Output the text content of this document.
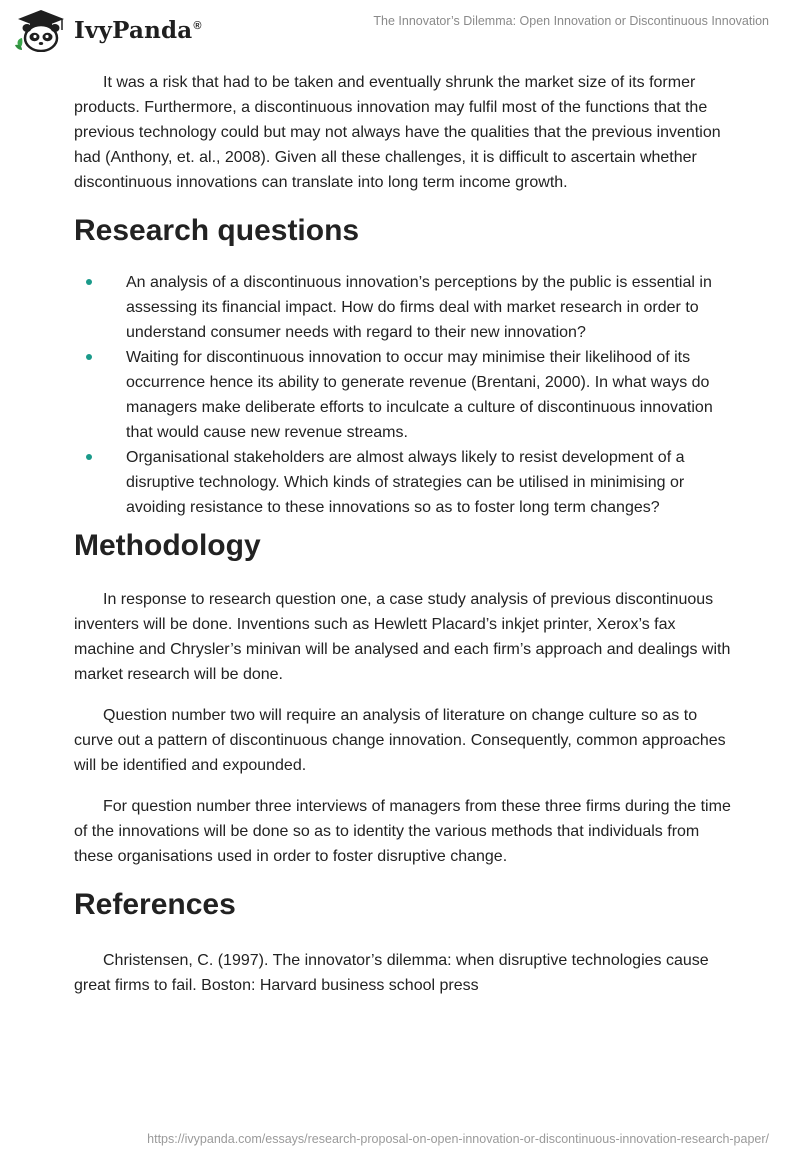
IvyPanda®	The Innovator’s Dilemma: Open Innovation or Discontinuous Innovation

It was a risk that had to be taken and eventually shrunk the market size of its former products. Furthermore, a discontinuous innovation may fulfil most of the functions that the previous technology could but may not always have the qualities that the previous invention had (Anthony, et. al., 2008). Given all these challenges, it is difficult to ascertain whether discontinuous innovations can translate into long term income growth.

Research questions
An analysis of a discontinuous innovation’s perceptions by the public is essential in assessing its financial impact. How do firms deal with market research in order to understand consumer needs with regard to their new innovation?
Waiting for discontinuous innovation to occur may minimise their likelihood of its occurrence hence its ability to generate revenue (Brentani, 2000). In what ways do managers make deliberate efforts to inculcate a culture of discontinuous innovation that would cause new revenue streams.
Organisational stakeholders are almost always likely to resist development of a disruptive technology. Which kinds of strategies can be utilised in minimising or avoiding resistance to these innovations so as to foster long term changes?
Methodology

In response to research question one, a case study analysis of previous discontinuous inventers will be done. Inventions such as Hewlett Placard’s inkjet printer, Xerox’s fax machine and Chrysler’s minivan will be analysed and each firm’s approach and dealings with market research will be done.

Question number two will require an analysis of literature on change culture so as to curve out a pattern of discontinuous change innovation. Consequently, common approaches will be identified and expounded.

For question number three interviews of managers from these three firms during the time of the innovations will be done so as to identity the various methods that individuals from these organisations used in order to foster disruptive change.

References

Christensen, C. (1997). The innovator’s dilemma: when disruptive technologies cause great firms to fail. Boston: Harvard business school press

https://ivypanda.com/essays/research-proposal-on-open-innovation-or-discontinuous-innovation-research-paper/
